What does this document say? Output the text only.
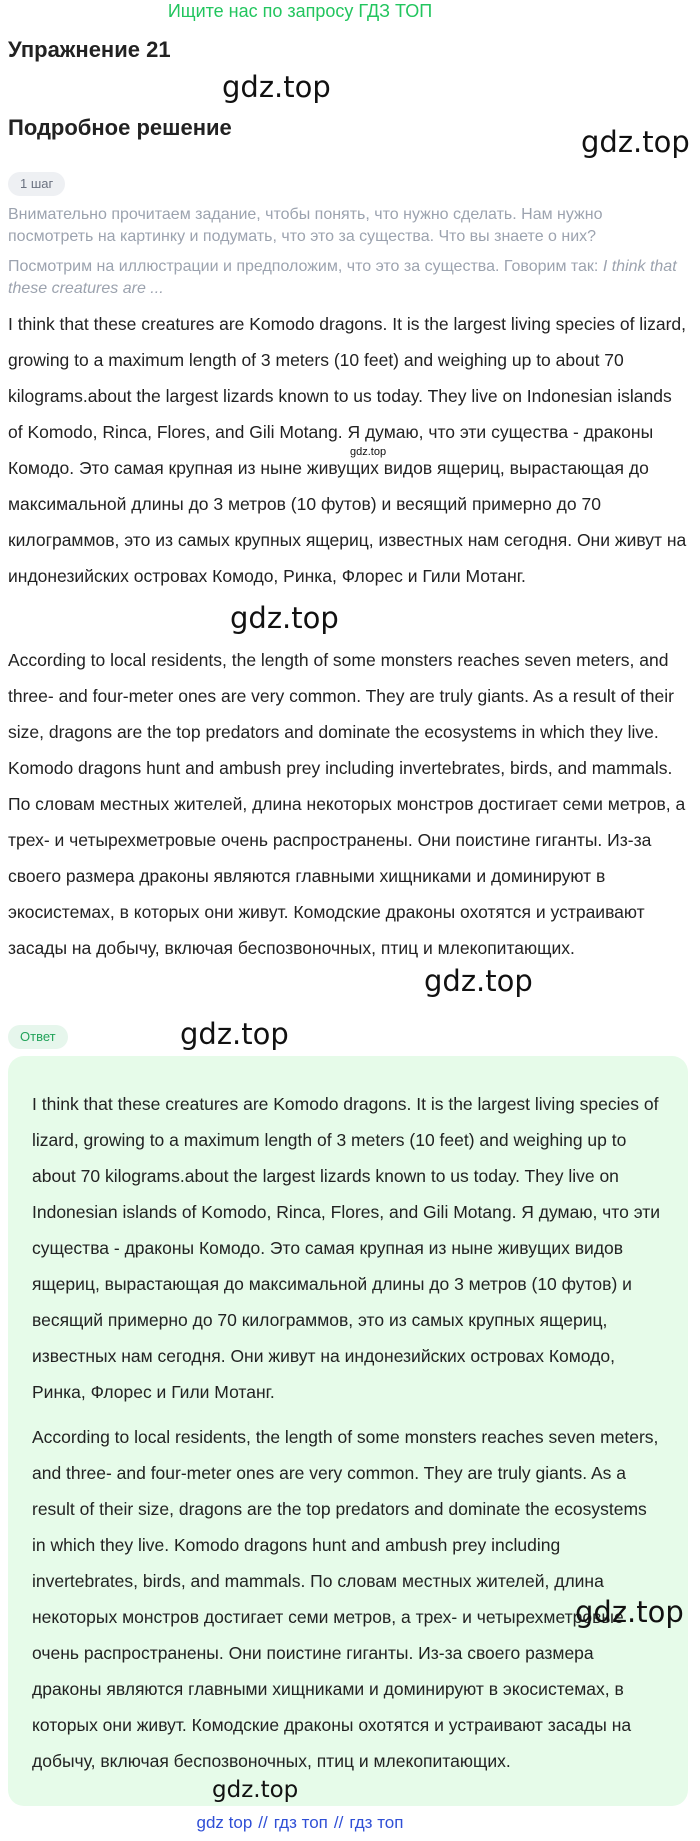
Ищите нас по запросу ГДЗ ТОП
Упражнение 21
gdz.top
Подробное решение	gdz.top
1 шаг
Внимательно прочитаем задание, чтобы понять, что нужно сделать. Нам нужно посмотреть на картинку и подумать, что это за существа. Что вы знаете о них?
Посмотрим на иллюстрации и предположим, что это за существа. Говорим так: I think that these creatures are ...

I think that these creatures are Komodo dragons. It is the largest living species of lizard, growing to a maximum length of 3 meters (10 feet) and weighing up to about 70 kilograms.about the largest lizards known to us today. They live on Indonesian islands of Komodo, Rinca, Flores, and Gili Motang. Я думаю, что эти существа - драконы Комодо. Это самая крупная из ныне живущих видов ящериц, вырастающая до максимальной длины до 3 метров (10 футов) и весящий примерно до 70 килограммов, это из самых крупных ящериц, известных нам сегодня. Они живут на индонезийских островах Комодо, Ринка, Флорес и Гили Мотанг.

gdz.top
gdz.top

According to local residents, the length of some monsters reaches seven meters, and three- and four-meter ones are very common. They are truly giants. As a result of their size, dragons are the top predators and dominate the ecosystems in which they live. Komodo dragons hunt and ambush prey including invertebrates, birds, and mammals. По словам местных жителей, длина некоторых монстров достигает семи метров, а трех- и четырехметровые очень распространены. Они поистине гиганты. Из-за своего размера драконы являются главными хищниками и доминируют в экосистемах, в которых они живут. Комодские драконы охотятся и устраивают засады на добычу, включая беспозвоночных, птиц и млекопитающих.

gdz.top
Ответ	gdz.top

I think that these creatures are Komodo dragons. It is the largest living species of lizard, growing to a maximum length of 3 meters (10 feet) and weighing up to about 70 kilograms.about the largest lizards known to us today. They live on Indonesian islands of Komodo, Rinca, Flores, and Gili Motang. Я думаю, что эти существа - драконы Комодо. Это самая крупная из ныне живущих видов ящериц, вырастающая до максимальной длины до 3 метров (10 футов) и весящий примерно до 70 килограммов, это из самых крупных ящериц, известных нам сегодня. Они живут на индонезийских островах Комодо, Ринка, Флорес и Гили Мотанг.

According to local residents, the length of some monsters reaches seven meters, and three- and four-meter ones are very common. They are truly giants. As a result of their size, dragons are the top predators and dominate the ecosystems in which they live. Komodo dragons hunt and ambush prey including invertebrates, birds, and mammals. По словам местных жителей, длина некоторых монстров достигает семи метров, а трех- и четырехметровые очень распространены. Они поистине гиганты. Из-за своего размера драконы являются главными хищниками и доминируют в экосистемах, в которых они живут. Комодские драконы охотятся и устраивают засады на добычу, включая беспозвоночных, птиц и млекопитающих.

gdz.top
gdz.top
gdz top // гдз топ // гдз топ
